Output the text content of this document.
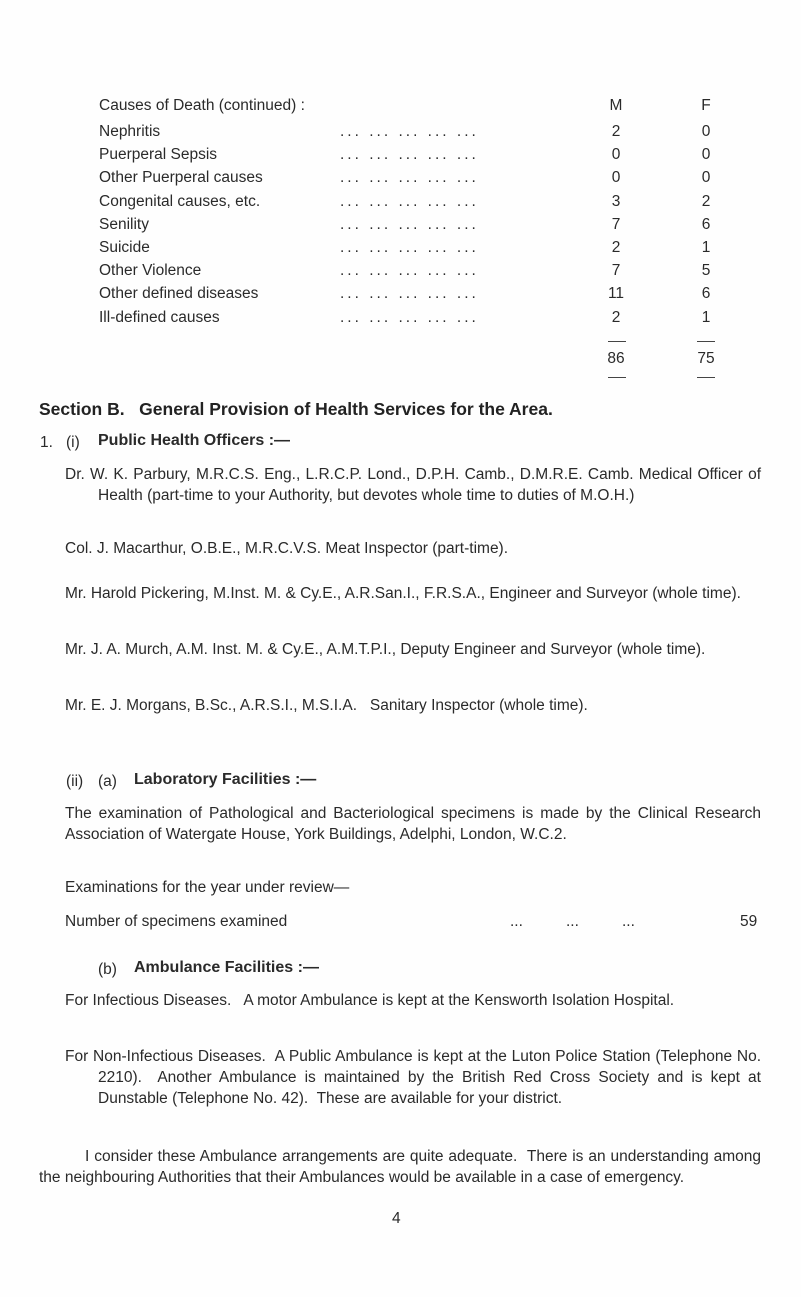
Causes of Death (continued) :	M	F
Nephritis	... ... ... ... ...	2	0
Puerperal Sepsis	... ... ... ... ...	0	0
Other Puerperal causes	... ... ... ... ...	0	0
Congenital causes, etc.	... ... ... ... ...	3	2
Senility	... ... ... ... ...	7	6
Suicide	... ... ... ... ...	2	1
Other Violence	... ... ... ... ...	7	5
Other defined diseases	... ... ... ... ...	11	6
Ill-defined causes	... ... ... ... ...	2	1
86	75
Section B.   General Provision of Health Services for the Area.
1. (i) Public Health Officers :—
Dr. W. K. Parbury, M.R.C.S. Eng., L.R.C.P. Lond., D.P.H. Camb., D.M.R.E. Camb. Medical Officer of Health (part-time to your Authority, but devotes whole time to duties of M.O.H.)
Col. J. Macarthur, O.B.E., M.R.C.V.S. Meat Inspector (part-time).
Mr. Harold Pickering, M.Inst. M. & Cy.E., A.R.San.I., F.R.S.A., Engineer and Surveyor (whole time).
Mr. J. A. Murch, A.M. Inst. M. & Cy.E., A.M.T.P.I., Deputy Engineer and Surveyor (whole time).
Mr. E. J. Morgans, B.Sc., A.R.S.I., M.S.I.A.   Sanitary Inspector (whole time).
(ii) (a) Laboratory Facilities :—
The examination of Pathological and Bacteriological specimens is made by the Clinical Research Association of Watergate House, York Buildings, Adelphi, London, W.C.2.
Examinations for the year under review—
Number of specimens examined	...          ...          ...	59
(b) Ambulance Facilities :—
For Infectious Diseases.   A motor Ambulance is kept at the Kensworth Isolation Hospital.
For Non-Infectious Diseases.  A Public Ambulance is kept at the Luton Police Station (Telephone No. 2210).  Another Ambulance is maintained by the British Red Cross Society and is kept at Dunstable (Telephone No. 42).  These are available for your district.
I consider these Ambulance arrangements are quite adequate.  There is an understanding among the neighbouring Authorities that their Ambulances would be available in a case of emergency.
4
